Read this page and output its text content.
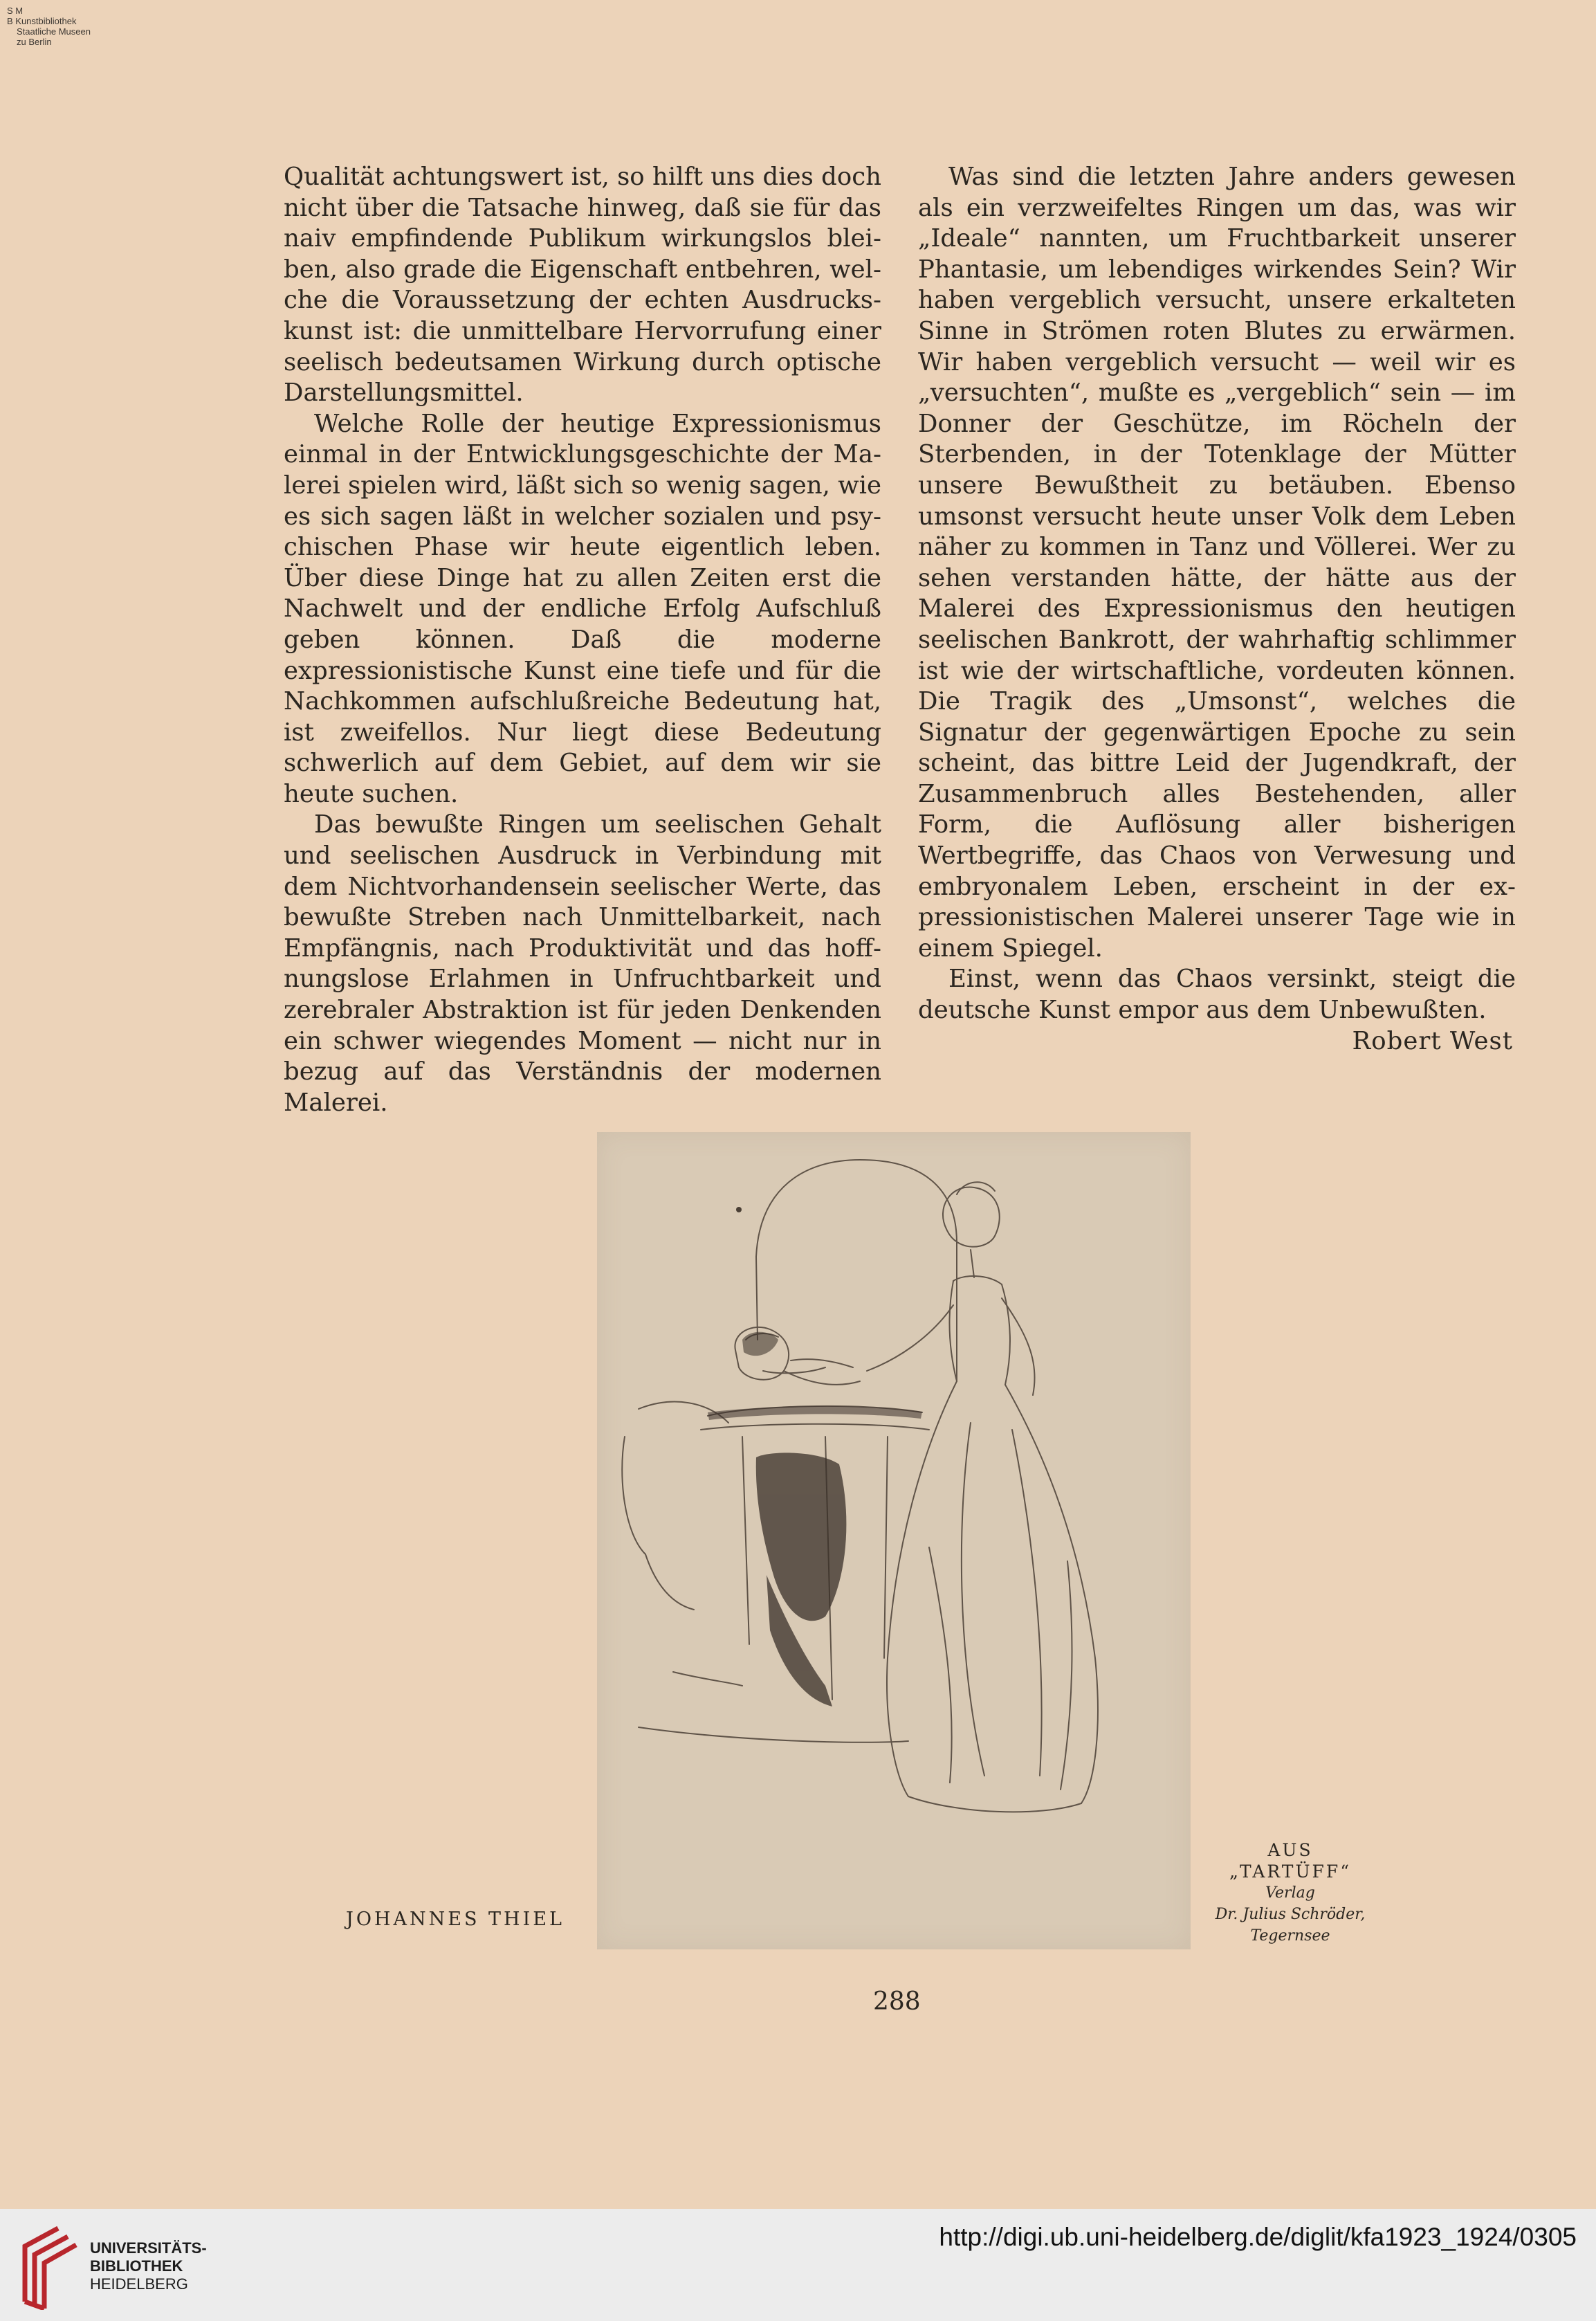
S M
B Kunstbibliothek
Staatliche Museen
zu Berlin

Qualität achtungswert ist, so hilft uns dies doch nicht über die Tatsache hinweg, daß sie für das naiv empfindende Publikum wirkungslos bleiben, also grade die Eigenschaft entbehren, welche die Voraussetzung der echten Ausdruckskunst ist: die unmittelbare Hervorrufung einer seelisch bedeutsamen Wirkung durch optische Darstellungsmittel.

Welche Rolle der heutige Expressionismus einmal in der Entwicklungsgeschichte der Malerei spielen wird, läßt sich so wenig sagen, wie es sich sagen läßt in welcher sozialen und psychischen Phase wir heute eigentlich leben. Über diese Dinge hat zu allen Zeiten erst die Nachwelt und der endliche Erfolg Aufschluß geben können. Daß die moderne expressionistische Kunst eine tiefe und für die Nachkommen aufschlußreiche Bedeutung hat, ist zweifellos. Nur liegt diese Bedeutung schwerlich auf dem Gebiet, auf dem wir sie heute suchen.

Das bewußte Ringen um seelischen Gehalt und seelischen Ausdruck in Verbindung mit dem Nichtvorhandensein seelischer Werte, das bewußte Streben nach Unmittelbarkeit, nach Empfängnis, nach Produktivität und das hoffnungslose Erlahmen in Unfruchtbarkeit und zerebraler Abstraktion ist für jeden Denkenden ein schwer wiegendes Moment — nicht nur in bezug auf das Verständnis der modernen Malerei.

Was sind die letzten Jahre anders gewesen als ein verzweifeltes Ringen um das, was wir „Ideale“ nannten, um Fruchtbarkeit unserer Phantasie, um lebendiges wirkendes Sein? Wir haben vergeblich versucht, unsere erkalteten Sinne in Strömen roten Blutes zu erwärmen. Wir haben vergeblich versucht — weil wir es „versuchten“, mußte es „vergeblich“ sein — im Donner der Geschütze, im Röcheln der Sterbenden, in der Totenklage der Mütter unsere Bewußtheit zu betäuben. Ebenso umsonst versucht heute unser Volk dem Leben näher zu kommen in Tanz und Völlerei. Wer zu sehen verstanden hätte, der hätte aus der Malerei des Expressionismus den heutigen seelischen Bankrott, der wahrhaftig schlimmer ist wie der wirtschaftliche, vordeuten können. Die Tragik des „Umsonst“, welches die Signatur der gegenwärtigen Epoche zu sein scheint, das bittre Leid der Jugendkraft, der Zusammenbruch alles Bestehenden, aller Form, die Auflösung aller bisherigen Wertbegriffe, das Chaos von Verwesung und embryonalem Leben, erscheint in der expressionistischen Malerei unserer Tage wie in einem Spiegel.

Einst, wenn das Chaos versinkt, steigt die deutsche Kunst empor aus dem Unbewußten.

Robert West

JOHANNES THIEL
AUS „TARTÜFF“
Verlag
Dr. Julius Schröder,
Tegernsee
288
UNIVERSITÄTS-
BIBLIOTHEK
HEIDELBERG
http://digi.ub.uni-heidelberg.de/diglit/kfa1923_1924/0305
